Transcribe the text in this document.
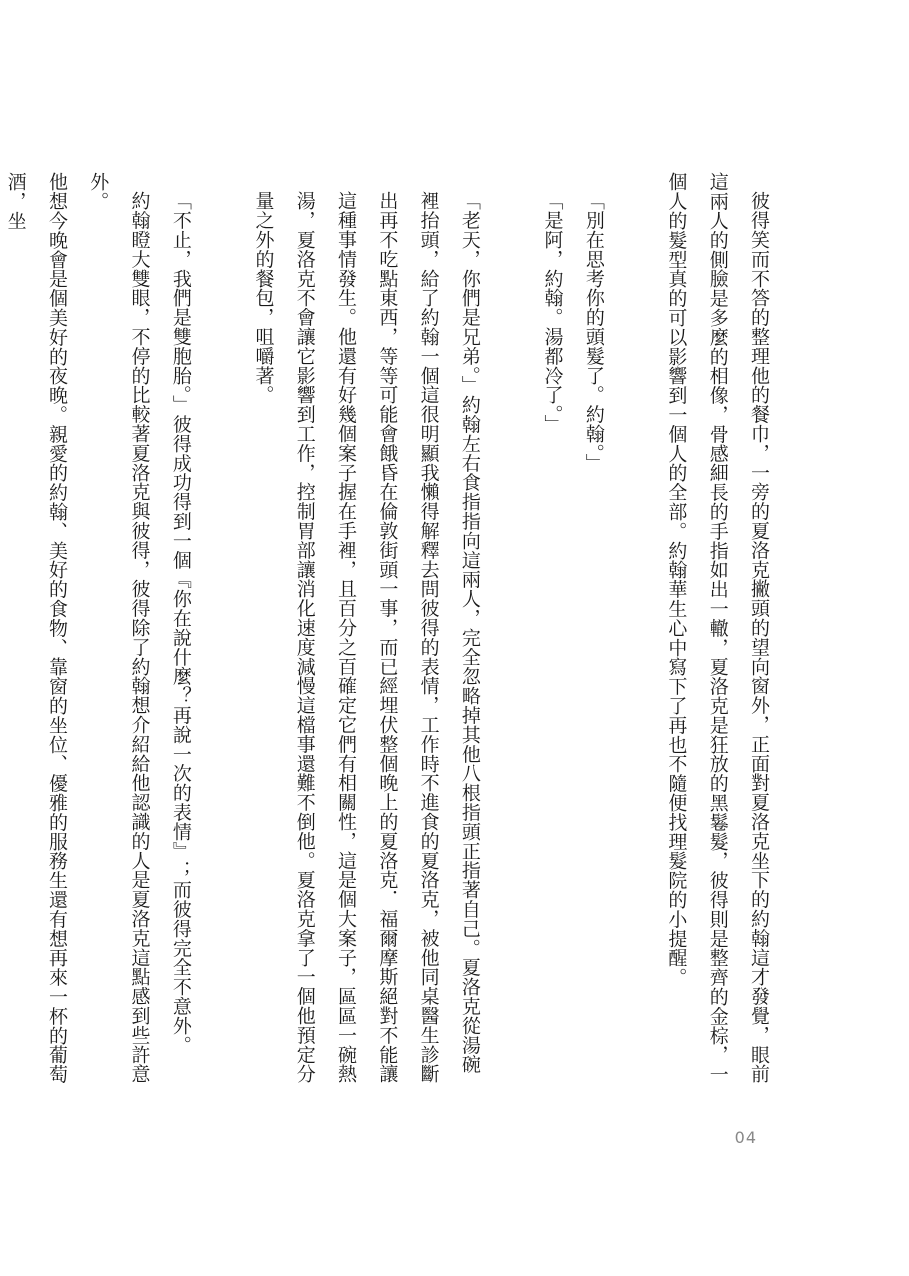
彼得笑而不答的整理他的餐巾，一旁的夏洛克撇頭的望向窗外，正面對夏洛克坐下的約翰這才發覺，眼前這兩人的側臉是多麼的相像，骨感細長的手指如出一轍，夏洛克是狂放的黑鬈髮，彼得則是整齊的金棕，一個人的髮型真的可以影響到一個人的全部。約翰華生心中寫下了再也不隨便找理髮院的小提醒。

「別在思考你的頭髮了。約翰。」

「是阿，約翰。湯都冷了。」

「老天，你們是兄弟。」約翰左右食指指向這兩人，完全忽略掉其他八根指頭正指著自己。夏洛克從湯碗裡抬頭，給了約翰一個這很明顯我懶得解釋去問彼得的表情，工作時不進食的夏洛克，被他同桌醫生診斷出再不吃點東西，等等可能會餓昏在倫敦街頭一事，而已經埋伏整個晚上的夏洛克．福爾摩斯絕對不能讓這種事情發生。他還有好幾個案子握在手裡，且百分之百確定它們有相關性，這是個大案子，區區一碗熱湯，夏洛克不會讓它影響到工作，控制胃部讓消化速度減慢這檔事還難不倒他。夏洛克拿了一個他預定分量之外的餐包，咀嚼著。

「不止，我們是雙胞胎。」彼得成功得到一個『你在說什麼？再說一次的表情』；而彼得完全不意外。

約翰瞪大雙眼，不停的比較著夏洛克與彼得，彼得除了約翰想介紹給他認識的人是夏洛克這點感到些許意外。

他想今晚會是個美好的夜晚。親愛的約翰、美好的食物、靠窗的坐位、優雅的服務生還有想再來一杯的葡萄酒，坐

04
